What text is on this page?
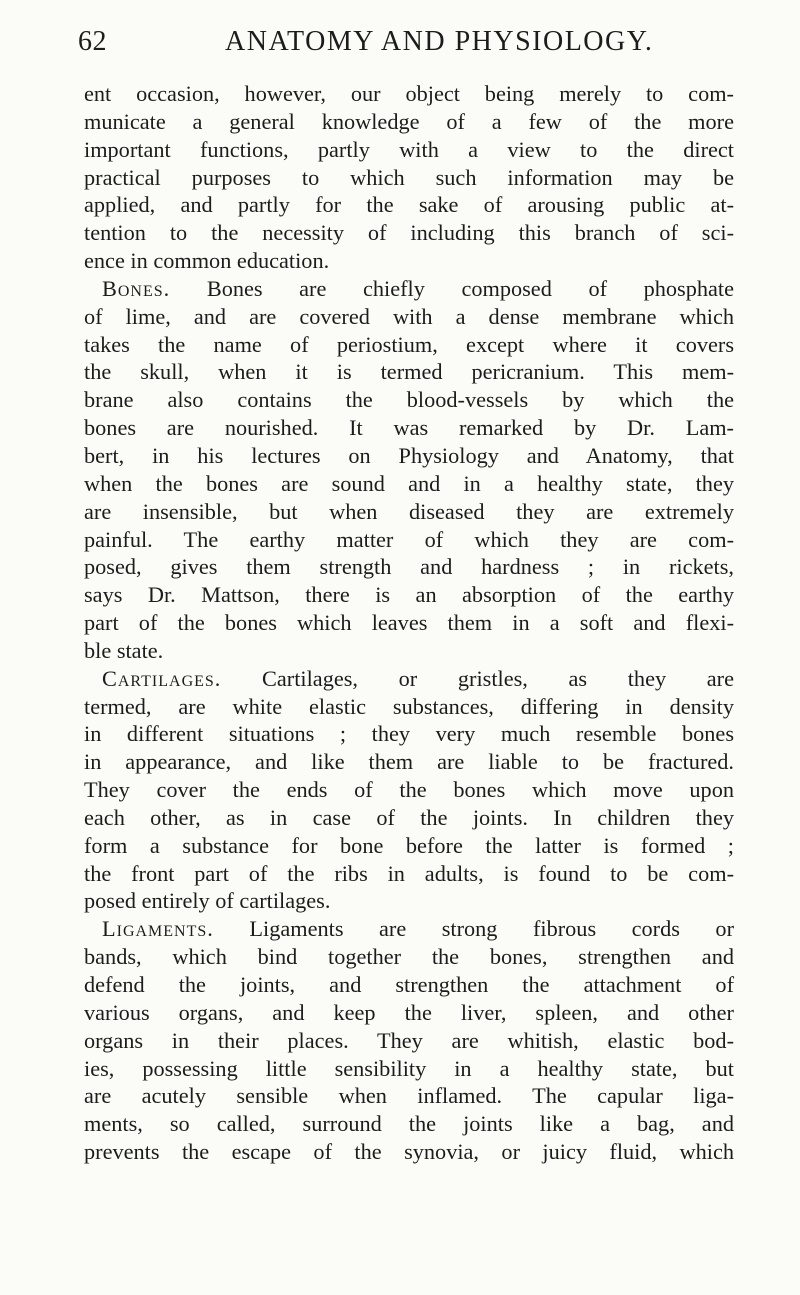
62	ANATOMY AND PHYSIOLOGY.
ent occasion, however, our object being merely to com-
municate a general knowledge of a few of the more
important functions, partly with a view to the direct
practical purposes to which such information may be
applied, and partly for the sake of arousing public at-
tention to the necessity of including this branch of sci-
ence in common education.
Bones. Bones are chiefly composed of phosphate
of lime, and are covered with a dense membrane which
takes the name of periostium, except where it covers
the skull, when it is termed pericranium. This mem-
brane also contains the blood-vessels by which the
bones are nourished. It was remarked by Dr. Lam-
bert, in his lectures on Physiology and Anatomy, that
when the bones are sound and in a healthy state, they
are insensible, but when diseased they are extremely
painful. The earthy matter of which they are com-
posed, gives them strength and hardness ; in rickets,
says Dr. Mattson, there is an absorption of the earthy
part of the bones which leaves them in a soft and flexi-
ble state.
Cartilages. Cartilages, or gristles, as they are
termed, are white elastic substances, differing in density
in different situations ; they very much resemble bones
in appearance, and like them are liable to be fractured.
They cover the ends of the bones which move upon
each other, as in case of the joints. In children they
form a substance for bone before the latter is formed ;
the front part of the ribs in adults, is found to be com-
posed entirely of cartilages.
Ligaments. Ligaments are strong fibrous cords or
bands, which bind together the bones, strengthen and
defend the joints, and strengthen the attachment of
various organs, and keep the liver, spleen, and other
organs in their places. They are whitish, elastic bod-
ies, possessing little sensibility in a healthy state, but
are acutely sensible when inflamed. The capular liga-
ments, so called, surround the joints like a bag, and
prevents the escape of the synovia, or juicy fluid, which
